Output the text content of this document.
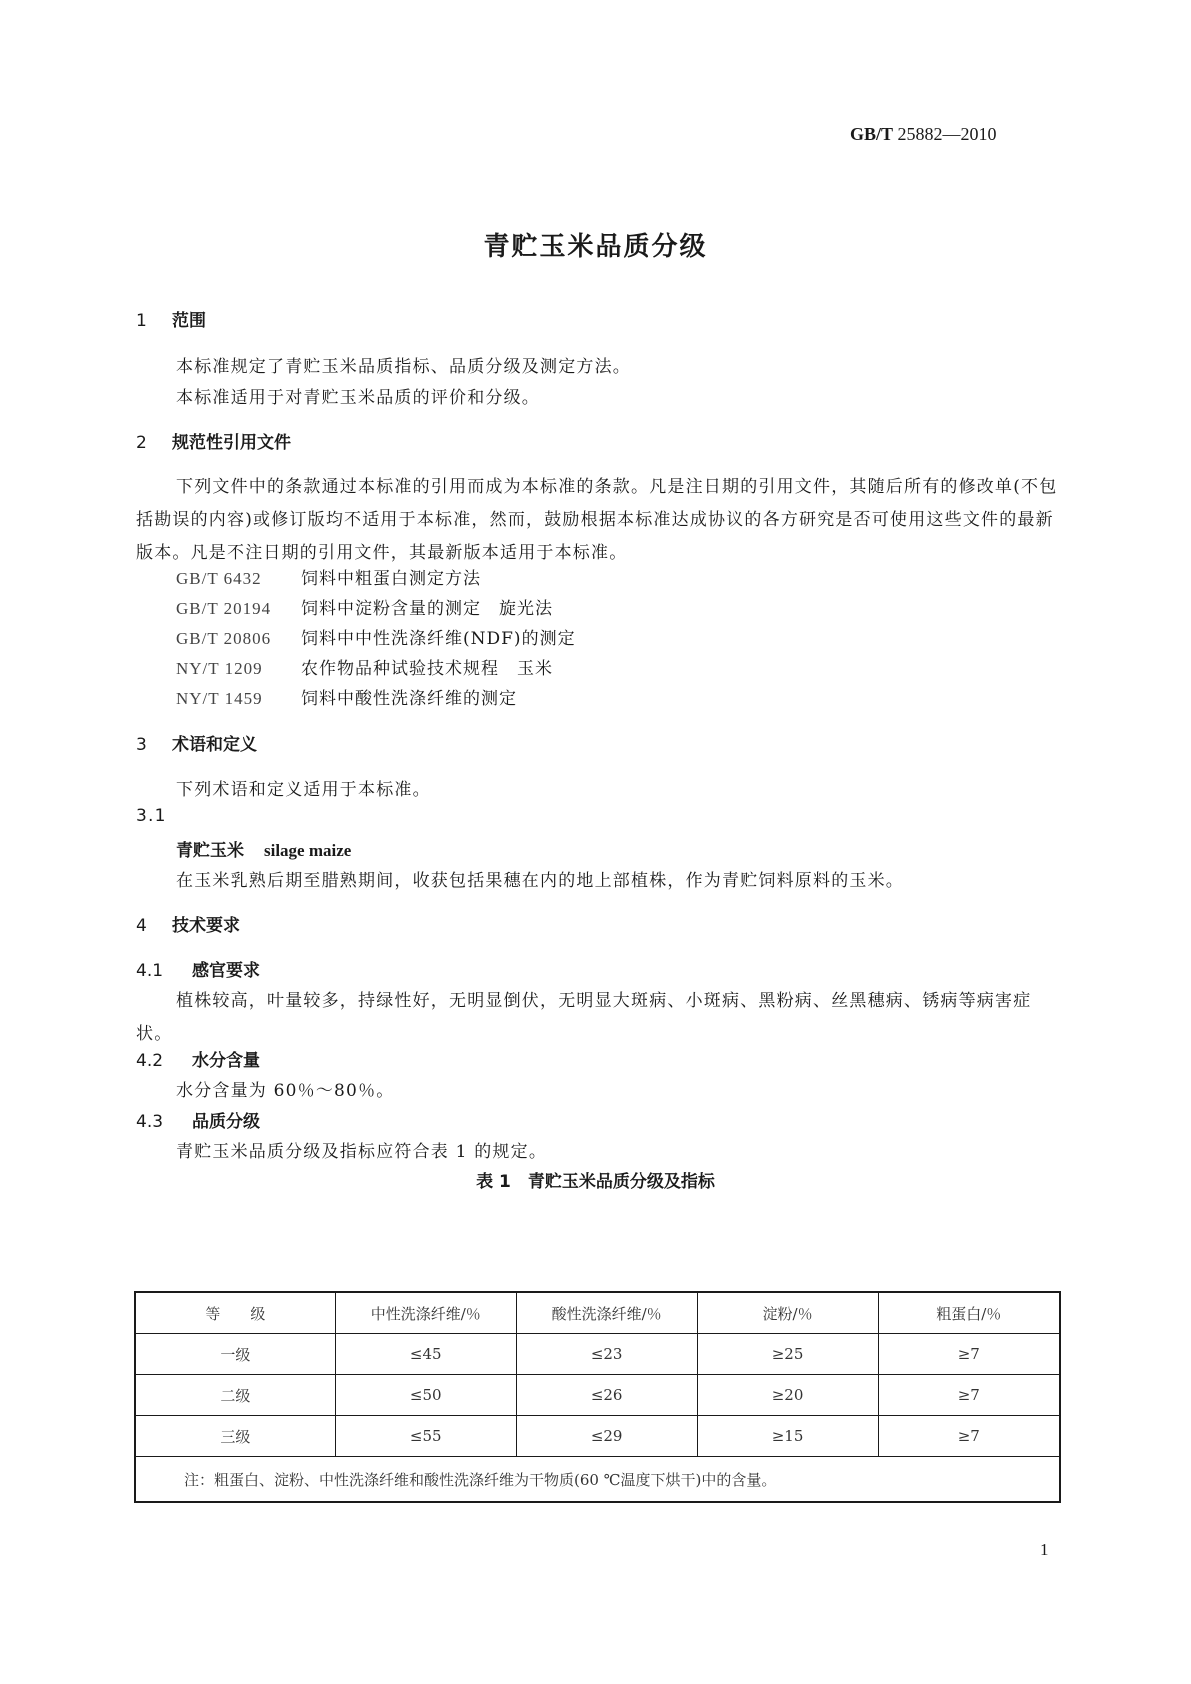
GB/T 25882—2010
青贮玉米品质分级
1 范围
本标准规定了青贮玉米品质指标、品质分级及测定方法。
本标准适用于对青贮玉米品质的评价和分级。
2 规范性引用文件
下列文件中的条款通过本标准的引用而成为本标准的条款。凡是注日期的引用文件，其随后所有的修改单(不包括勘误的内容)或修订版均不适用于本标准，然而，鼓励根据本标准达成协议的各方研究是否可使用这些文件的最新版本。凡是不注日期的引用文件，其最新版本适用于本标准。
GB/T 6432 饲料中粗蛋白测定方法
GB/T 20194 饲料中淀粉含量的测定　旋光法
GB/T 20806 饲料中中性洗涤纤维(NDF)的测定
NY/T 1209 农作物品种试验技术规程　玉米
NY/T 1459 饲料中酸性洗涤纤维的测定
3 术语和定义
下列术语和定义适用于本标准。
3.1
青贮玉米 silage maize
在玉米乳熟后期至腊熟期间，收获包括果穗在内的地上部植株，作为青贮饲料原料的玉米。
4 技术要求
4.1 感官要求
植株较高，叶量较多，持绿性好，无明显倒伏，无明显大斑病、小斑病、黑粉病、丝黑穗病、锈病等病害症状。
4.2 水分含量
水分含量为 60％～80％。
4.3 品质分级
青贮玉米品质分级及指标应符合表 1 的规定。
表 1　青贮玉米品质分级及指标
等　　级	中性洗涤纤维/％	酸性洗涤纤维/％	淀粉/％	粗蛋白/％
一级	≤45	≤23	≥25	≥7
二级	≤50	≤26	≥20	≥7
三级	≤55	≤29	≥15	≥7
注：粗蛋白、淀粉、中性洗涤纤维和酸性洗涤纤维为干物质(60 ℃温度下烘干)中的含量。				
1
